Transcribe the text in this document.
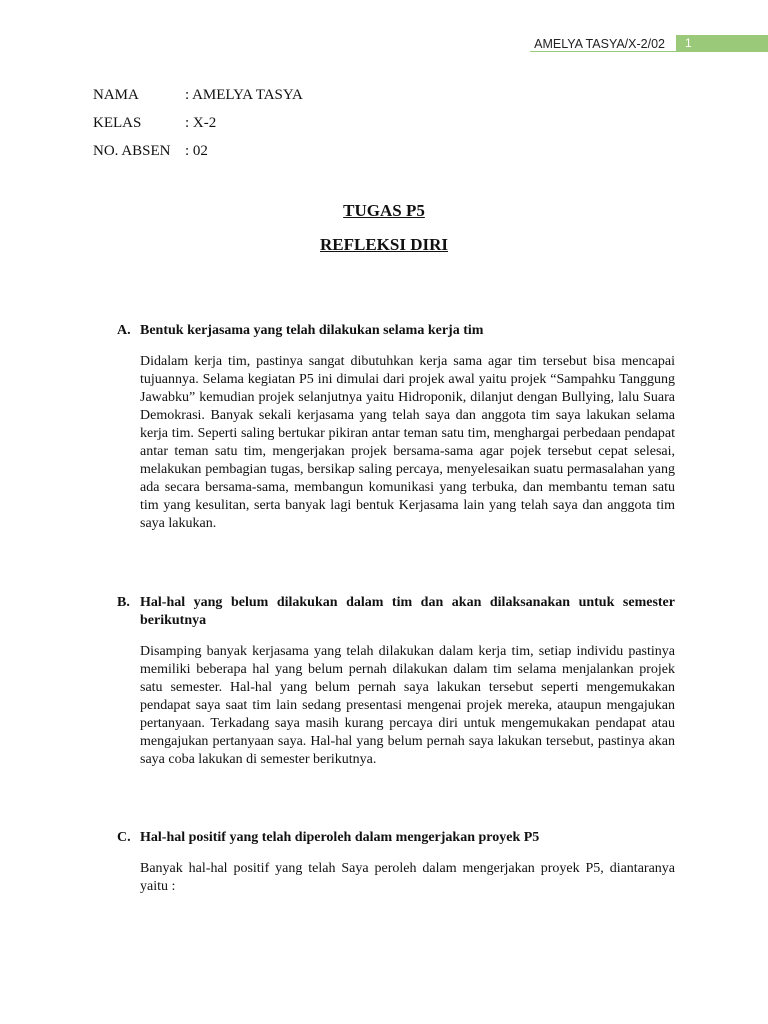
AMELYA TASYA/X-2/02	1
NAMA	: AMELYA TASYA
KELAS	: X-2
NO. ABSEN : 02

TUGAS P5

REFLEKSI DIRI

A. Bentuk kerjasama yang telah dilakukan selama kerja tim

Didalam kerja tim, pastinya sangat dibutuhkan kerja sama agar tim tersebut bisa mencapai tujuannya. Selama kegiatan P5 ini dimulai dari projek awal yaitu projek “Sampahku Tanggung Jawabku” kemudian projek selanjutnya yaitu Hidroponik, dilanjut dengan Bullying, lalu Suara Demokrasi. Banyak sekali kerjasama yang telah saya dan anggota tim saya lakukan selama kerja tim. Seperti saling bertukar pikiran antar teman satu tim, menghargai perbedaan pendapat antar teman satu tim, mengerjakan projek bersama-sama agar pojek tersebut cepat selesai, melakukan pembagian tugas, bersikap saling percaya, menyelesaikan suatu permasalahan yang ada secara bersama-sama, membangun komunikasi yang terbuka, dan membantu teman satu tim yang kesulitan, serta banyak lagi bentuk Kerjasama lain yang telah saya dan anggota tim saya lakukan.

B. Hal-hal yang belum dilakukan dalam tim dan akan dilaksanakan untuk semester berikutnya

Disamping banyak kerjasama yang telah dilakukan dalam kerja tim, setiap individu pastinya memiliki beberapa hal yang belum pernah dilakukan dalam tim selama menjalankan projek satu semester. Hal-hal yang belum pernah saya lakukan tersebut seperti mengemukakan pendapat saya saat tim lain sedang presentasi mengenai projek mereka, ataupun mengajukan pertanyaan. Terkadang saya masih kurang percaya diri untuk mengemukakan pendapat atau mengajukan pertanyaan saya. Hal-hal yang belum pernah saya lakukan tersebut, pastinya akan saya coba lakukan di semester berikutnya.

C. Hal-hal positif yang telah diperoleh dalam mengerjakan proyek P5

Banyak hal-hal positif yang telah Saya peroleh dalam mengerjakan proyek P5, diantaranya yaitu :
